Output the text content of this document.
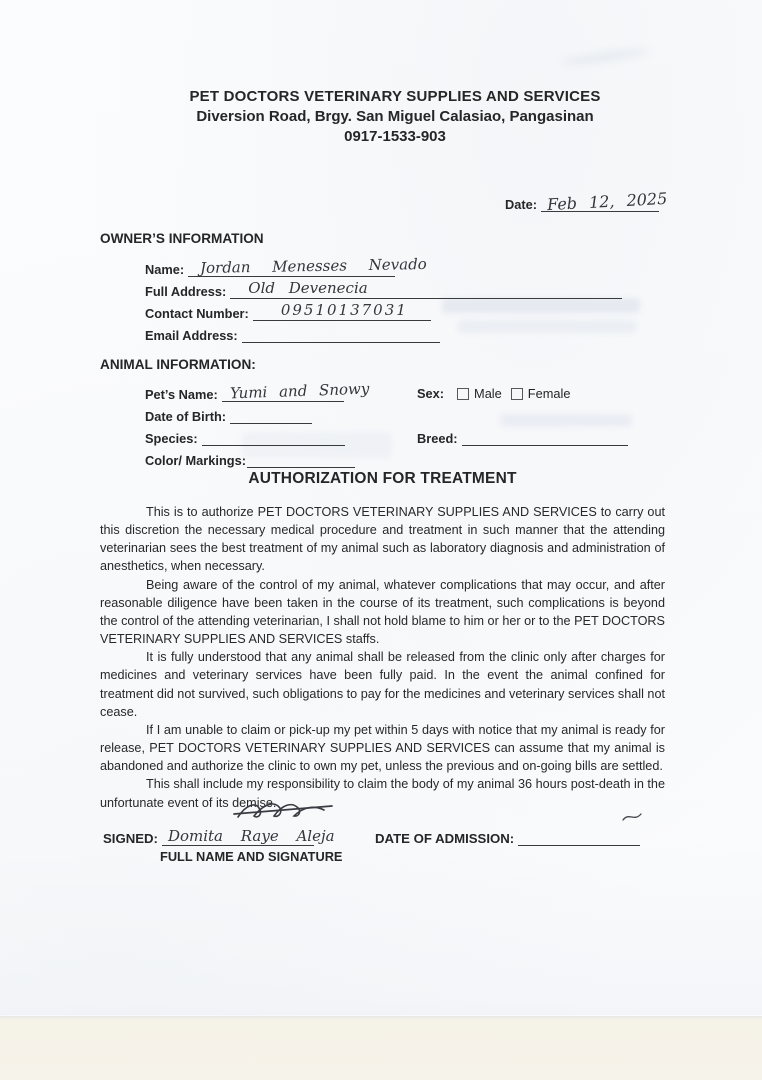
PET DOCTORS VETERINARY SUPPLIES AND SERVICES
Diversion Road, Brgy. San Miguel Calasiao, Pangasinan
0917-1533-903
Date: Feb 12, 2025
OWNER’S INFORMATION
Name: Jordan Menesses Nevado
Full Address: Old Devenecia
Contact Number: 09510137031
Email Address:
ANIMAL INFORMATION:
Pet’s Name: Yumi and Snowy	Sex:	Male Female
Date of Birth:
Species:	Breed:
Color/ Markings:
AUTHORIZATION FOR TREATMENT

This is to authorize PET DOCTORS VETERINARY SUPPLIES AND SERVICES to carry out this discretion the necessary medical procedure and treatment in such manner that the attending veterinarian sees the best treatment of my animal such as laboratory diagnosis and administration of anesthetics, when necessary.

Being aware of the control of my animal, whatever complications that may occur, and after reasonable diligence have been taken in the course of its treatment, such complications is beyond the control of the attending veterinarian, I shall not hold blame to him or her or to the PET DOCTORS VETERINARY SUPPLIES AND SERVICES staffs.

It is fully understood that any animal shall be released from the clinic only after charges for medicines and veterinary services have been fully paid. In the event the animal confined for treatment did not survived, such obligations to pay for the medicines and veterinary services shall not cease.

If I am unable to claim or pick-up my pet within 5 days with notice that my animal is ready for release, PET DOCTORS VETERINARY SUPPLIES AND SERVICES can assume that my animal is abandoned and authorize the clinic to own my pet, unless the previous and on-going bills are settled.

This shall include my responsibility to claim the body of my animal 36 hours post-death in the unfortunate event of its demise.

SIGNED: Domita Raye Aleja
FULL NAME AND SIGNATURE
DATE OF ADMISSION:
